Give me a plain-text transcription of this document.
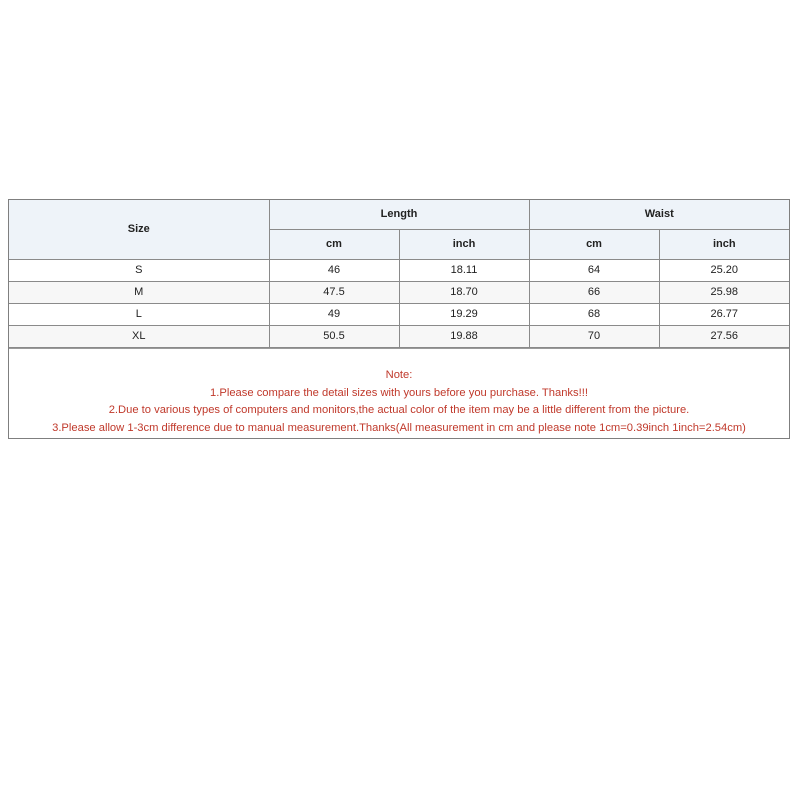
Size	Length		Waist	
	cm	inch	cm	inch
S	46	18.11	64	25.20
M	47.5	18.70	66	25.98
L	49	19.29	68	26.77
XL	50.5	19.88	70	27.56
Note:
1.Please compare the detail sizes with yours before you purchase. Thanks!!!
2.Due to various types of computers and monitors,the actual color of the item may be a little different from the picture.
3.Please allow 1-3cm difference due to manual measurement.Thanks(All measurement in cm and please note 1cm=0.39inch 1inch=2.54cm)
